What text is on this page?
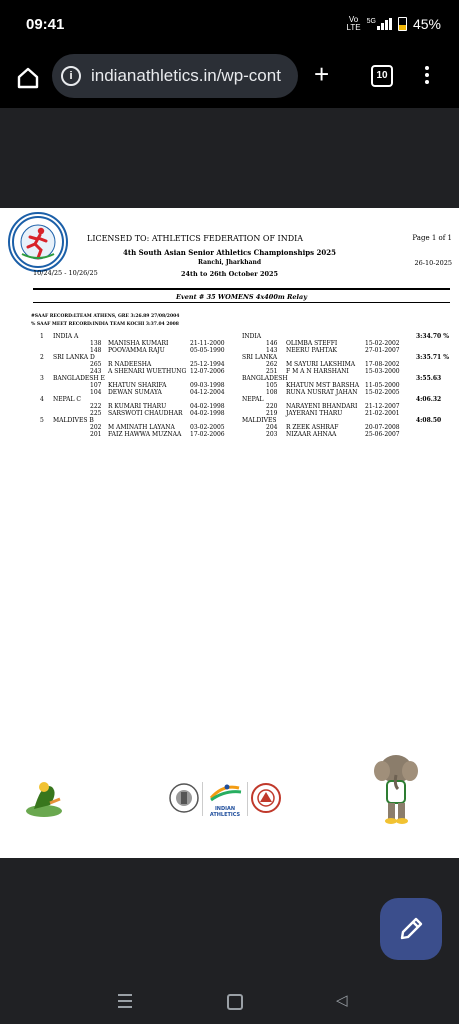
09:41	Vo
LTE
5G	45%
i	indianathletics.in/wp-cont +	10
LICENSED TO: ATHLETICS FEDERATION OF INDIA	Page 1 of 1
4th South Asian Senior Athletics Championships 2025
Ranchi, Jharkhand	26-10-2025
10/24/25 - 10/26/25	24th to 26th October 2025
Event # 35 WOMENS 4x400m Relay
#SAAF RECORD:LTEAM ATHENS, GRE 3:26.89 27/08/2004
% SAAF MEET RECORD:INDIA TEAM KOCHI 3:37.04 2008
1 INDIA A	INDIA	3:34.70 %
138 MANISHA KUMARI	21-11-2000	146 OLIMBA STEFFI	15-02-2002
148 POOVAMMA RAJU	05-05-1990	143 NEERU PAHTAK	27-01-2007
2 SRI LANKA D	SRI LANKA	3:35.71 %
265 R NADEESHA	25-12-1994	262 M SAYURI LAKSHIMA 17-08-2002
243 A SHENARI WUETHUNG 12-07-2006	251 F M A N HARSHANI	15-03-2000
3 BANGLADESH E	BANGLADESH	3:55.63
107 KHATUN SHARIFA	09-03-1998	105 KHATUN MST BARSHA 11-05-2000
104 DEWAN SUMAYA	04-12-2004	108 RUNA NUSRAT JAHAN 15-02-2005
4 NEPAL C	NEPAL	4:06.32
222 R KUMARI THARU	04-02-1998	220 NARAYENI BHANDARI 21-12-2007
225 SARSWOTI CHAUDHAR 04-02-1998	219 JAYERANI THARU	21-02-2001
5 MALDIVES B	MALDIVES	4:08.50
202 M AMINATH LAYANA	03-02-2005	204 R ZEEK ASHRAF	20-07-2008
201 FAIZ HAWWA MUZNAA 17-02-2006	203 NIZAAR AHNAA	25-06-2007
INDIAN ATHLETICS
◁
